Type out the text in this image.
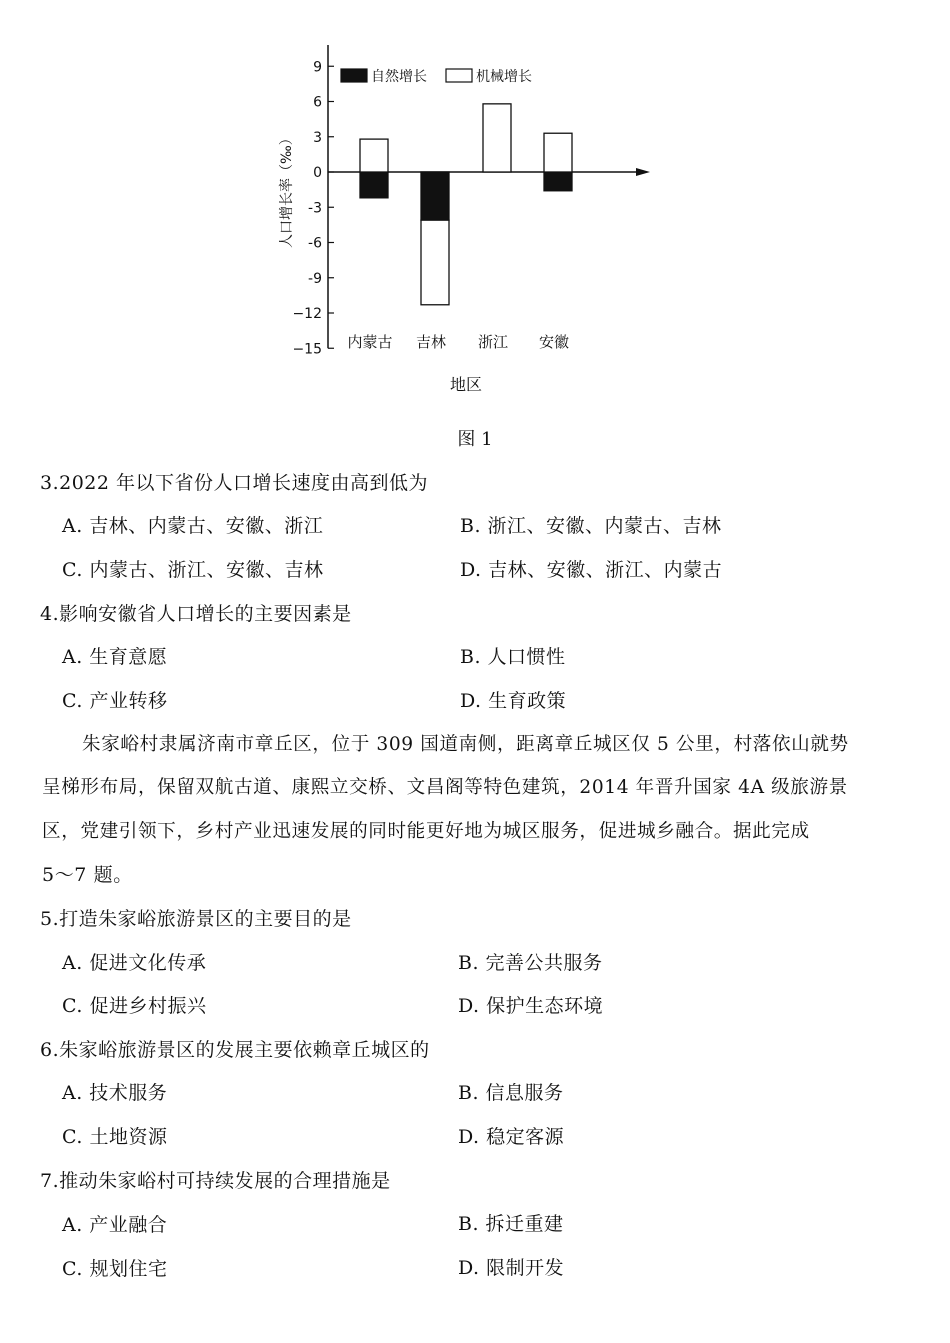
9
6
3
0
-3
-6
-9
−12
−15
人口增长率（‰）
地区
内蒙古 吉林 浙江 安徽
自然增长	机械增长
图 1
3.2022 年以下省份人口增长速度由高到低为
A. 吉林、内蒙古、安徽、浙江	B. 浙江、安徽、内蒙古、吉林
C. 内蒙古、浙江、安徽、吉林	D. 吉林、安徽、浙江、内蒙古
4.影响安徽省人口增长的主要因素是
A. 生育意愿	B. 人口惯性
C. 产业转移	D. 生育政策
朱家峪村隶属济南市章丘区，位于 309 国道南侧，距离章丘城区仅 5 公里，村落依山就势
呈梯形布局，保留双航古道、康熙立交桥、文昌阁等特色建筑，2014 年晋升国家 4A 级旅游景
区，党建引领下，乡村产业迅速发展的同时能更好地为城区服务，促进城乡融合。据此完成
5～7 题。
5.打造朱家峪旅游景区的主要目的是
A. 促进文化传承	B. 完善公共服务
C. 促进乡村振兴	D. 保护生态环境
6.朱家峪旅游景区的发展主要依赖章丘城区的
A. 技术服务	B. 信息服务
C. 土地资源	D. 稳定客源
7.推动朱家峪村可持续发展的合理措施是
A. 产业融合	B. 拆迁重建
C. 规划住宅	D. 限制开发
